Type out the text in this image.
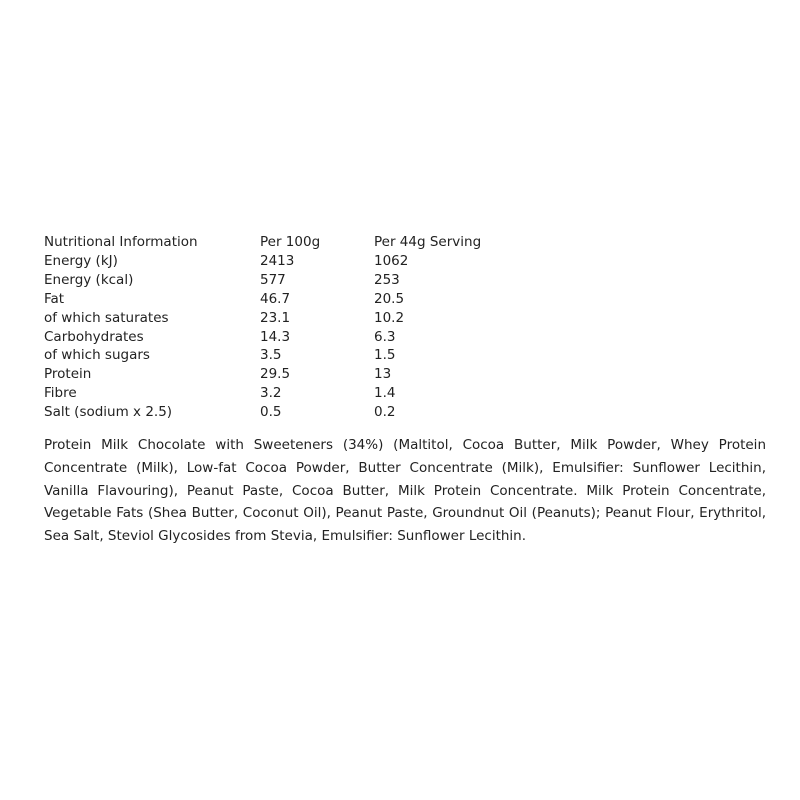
Nutritional Information	Per 100g	Per 44g Serving
Energy (kJ)	2413	1062
Energy (kcal)	577	253
Fat	46.7	20.5
of which saturates	23.1	10.2
Carbohydrates	14.3	6.3
of which sugars	3.5	1.5
Protein	29.5	13
Fibre	3.2	1.4
Salt (sodium x 2.5)	0.5	0.2

Protein Milk Chocolate with Sweeteners (34%) (Maltitol, Cocoa Butter, Milk Powder, Whey Protein Concentrate (Milk), Low-fat Cocoa Powder, Butter Concentrate (Milk), Emulsifier: Sunflower Lecithin, Vanilla Flavouring), Peanut Paste, Cocoa Butter, Milk Protein Concentrate. Milk Protein Concentrate, Vegetable Fats (Shea Butter, Coconut Oil), Peanut Paste, Groundnut Oil (Peanuts); Peanut Flour, Erythritol, Sea Salt, Steviol Glycosides from Stevia, Emulsifier: Sunflower Lecithin.
